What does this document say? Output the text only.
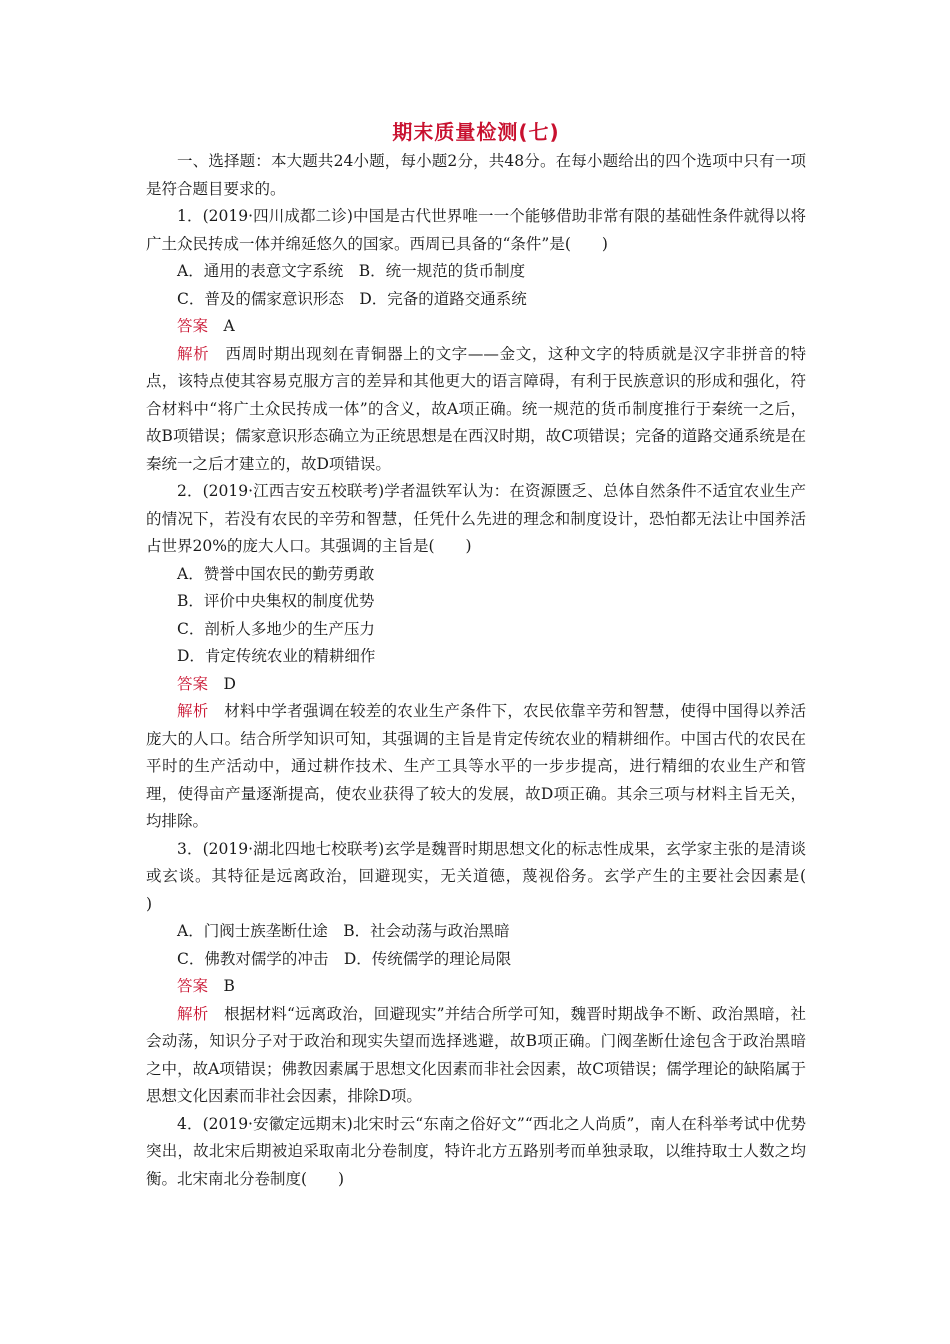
期末质量检测(七)

一、选择题：本大题共24小题，每小题2分，共48分。在每小题给出的四个选项中只有一项是符合题目要求的。

1．(2019·四川成都二诊)中国是古代世界唯一一个能够借助非常有限的基础性条件就得以将广土众民抟成一体并绵延悠久的国家。西周已具备的“条件”是(　　)

A．通用的表意文字系统　B．统一规范的货币制度

C．普及的儒家意识形态　D．完备的道路交通系统

答案 A

解析 西周时期出现刻在青铜器上的文字——金文，这种文字的特质就是汉字非拼音的特点，该特点使其容易克服方言的差异和其他更大的语言障碍，有利于民族意识的形成和强化，符合材料中“将广土众民抟成一体”的含义，故A项正确。统一规范的货币制度推行于秦统一之后，故B项错误；儒家意识形态确立为正统思想是在西汉时期，故C项错误；完备的道路交通系统是在秦统一之后才建立的，故D项错误。

2．(2019·江西吉安五校联考)学者温铁军认为：在资源匮乏、总体自然条件不适宜农业生产的情况下，若没有农民的辛劳和智慧，任凭什么先进的理念和制度设计，恐怕都无法让中国养活占世界20%的庞大人口。其强调的主旨是(　　)

A．赞誉中国农民的勤劳勇敢

B．评价中央集权的制度优势

C．剖析人多地少的生产压力

D．肯定传统农业的精耕细作

答案 D

解析 材料中学者强调在较差的农业生产条件下，农民依靠辛劳和智慧，使得中国得以养活庞大的人口。结合所学知识可知，其强调的主旨是肯定传统农业的精耕细作。中国古代的农民在平时的生产活动中，通过耕作技术、生产工具等水平的一步步提高，进行精细的农业生产和管理，使得亩产量逐渐提高，使农业获得了较大的发展，故D项正确。其余三项与材料主旨无关，均排除。

3．(2019·湖北四地七校联考)玄学是魏晋时期思想文化的标志性成果，玄学家主张的是清谈或玄谈。其特征是远离政治，回避现实，无关道德，蔑视俗务。玄学产生的主要社会因素是(　　)

A．门阀士族垄断仕途　B．社会动荡与政治黑暗

C．佛教对儒学的冲击　D．传统儒学的理论局限

答案 B

解析 根据材料“远离政治，回避现实”并结合所学可知，魏晋时期战争不断、政治黑暗，社会动荡，知识分子对于政治和现实失望而选择逃避，故B项正确。门阀垄断仕途包含于政治黑暗之中，故A项错误；佛教因素属于思想文化因素而非社会因素，故C项错误；儒学理论的缺陷属于思想文化因素而非社会因素，排除D项。

4．(2019·安徽定远期末)北宋时云“东南之俗好文”“西北之人尚质”，南人在科举考试中优势突出，故北宋后期被迫采取南北分卷制度，特许北方五路别考而单独录取，以维持取士人数之均衡。北宋南北分卷制度(　　)
